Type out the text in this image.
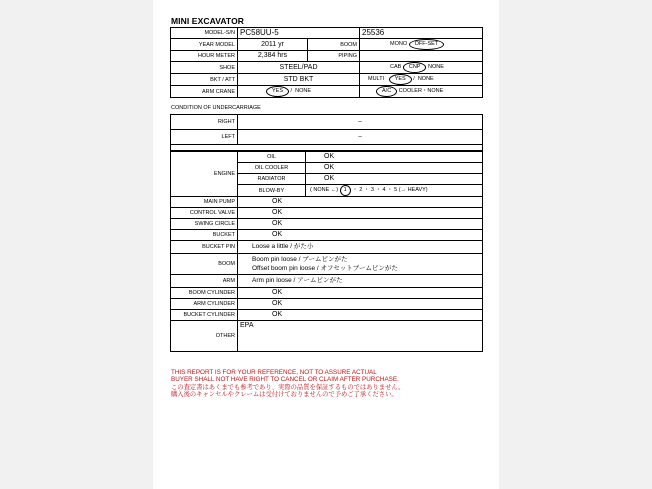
MINI EXCAVATOR
MODEL-S/N	PC58UU-5		25536
YEAR MODEL	2011 yr	BOOM	MONO OFF-SET
HOUR METER	2,384 hrs	PIPING	
SHOE	STEEL/PAD		CAB CNP NONE
BKT / ATT	STD BKT		MULTI YES / NONE
ARM CRANE	YES / NONE		A/C COOLER・NONE
CONDITION OF UNDERCARRIAGE
RIGHT	–
LEFT	–

ENGINE	OIL	OK
	OIL COOLER	OK
	RADIATOR	OK
	BLOW-BY	( NONE ←) 1 ・ 2 ・ 3 ・ 4 ・ 5 (→ HEAVY)
MAIN PUMP	OK	
CONTROL VALVE	OK	
SWING CIRCLE	OK	
BUCKET	OK	
BUCKET PIN	Loose a little / がた小	
BOOM	Boom pin loose / ブームピンがた
Offset boom pin loose / オフセットブームピンがた	

ARM	Arm pin loose / アームピンがた	
BOOM CYLINDER	OK	
ARM CYLINDER	OK	
BUCKET CYLINDER	OK	
OTHER	EPA	
THIS REPORT IS FOR YOUR REFERENCE, NOT TO ASSURE ACTUAL
BUYER SHALL NOT HAVE RIGHT TO CANCEL OR CLAIM AFTER PURCHASE.
この査定書はあくまでも参考であり、実際の品質を保証するものではありません。
購入後のキャンセルやクレームは受付けておりませんので予めご了承ください。
